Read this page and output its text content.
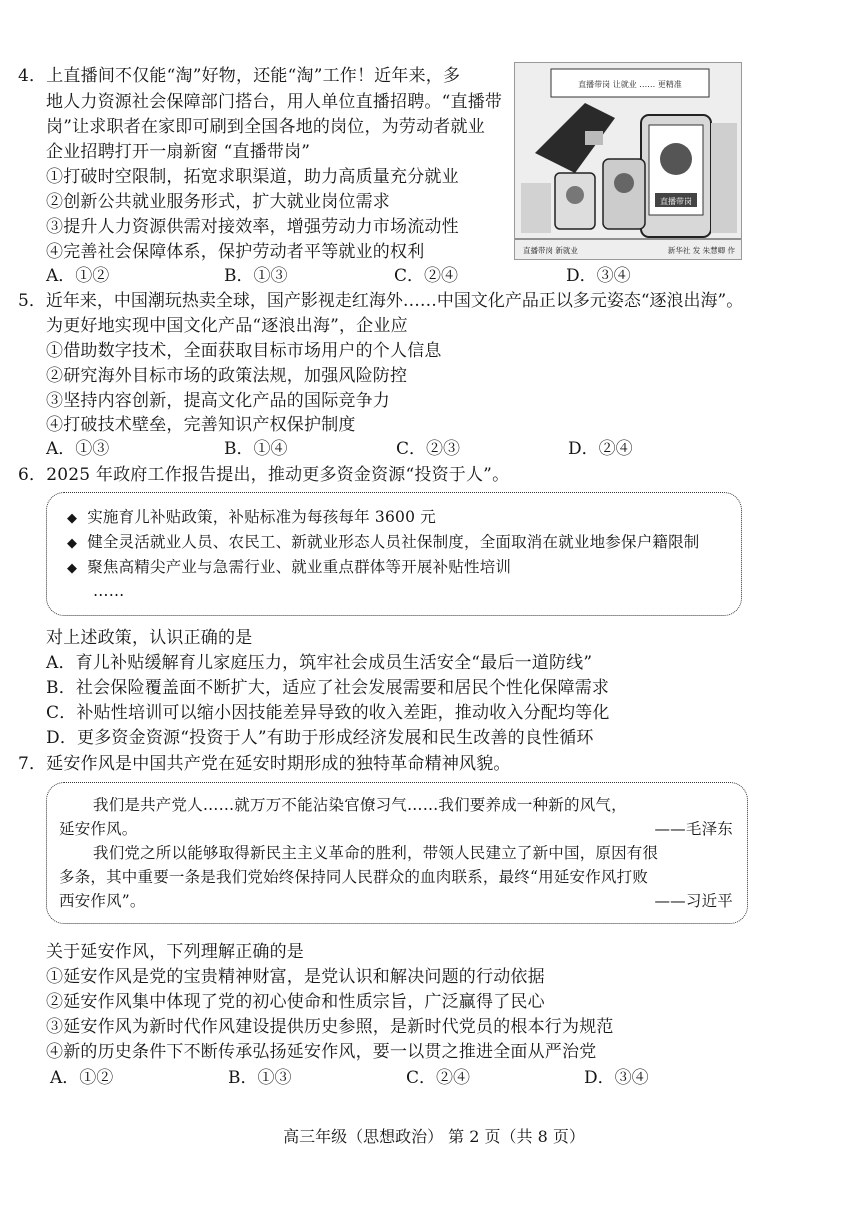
4．上直播间不仅能“淘”好物，还能“淘”工作！近年来，多
地人力资源社会保障部门搭台，用人单位直播招聘。“直播带
岗”让求职者在家即可刷到全国各地的岗位，为劳动者就业
企业招聘打开一扇新窗 “直播带岗”
①打破时空限制，拓宽求职渠道，助力高质量充分就业
②创新公共就业服务形式，扩大就业岗位需求
③提升人力资源供需对接效率，增强劳动力市场流动性
④完善社会保障体系，保护劳动者平等就业的权利
A．①②	B．①③	C．②④	D．③④
直播带岗 让就业 …… 更精准
直播带岗
直播带岗 新就业	新华社 发 朱慧卿 作
5．近年来，中国潮玩热卖全球，国产影视走红海外……中国文化产品正以多元姿态“逐浪出海”。
为更好地实现中国文化产品“逐浪出海”，企业应
①借助数字技术，全面获取目标市场用户的个人信息
②研究海外目标市场的政策法规，加强风险防控
③坚持内容创新，提高文化产品的国际竞争力
④打破技术壁垒，完善知识产权保护制度
A．①③	B．①④	C．②③	D．②④
6．2025 年政府工作报告提出，推动更多资金资源“投资于人”。
◆ 实施育儿补贴政策，补贴标准为每孩每年 3600 元
◆ 健全灵活就业人员、农民工、新就业形态人员社保制度，全面取消在就业地参保户籍限制
◆ 聚焦高精尖产业与急需行业、就业重点群体等开展补贴性培训
……
对上述政策，认识正确的是
A．育儿补贴缓解育儿家庭压力，筑牢社会成员生活安全“最后一道防线”
B．社会保险覆盖面不断扩大，适应了社会发展需要和居民个性化保障需求
C．补贴性培训可以缩小因技能差异导致的收入差距，推动收入分配均等化
D．更多资金资源“投资于人”有助于形成经济发展和民生改善的良性循环
7．延安作风是中国共产党在延安时期形成的独特革命精神风貌。
我们是共产党人……就万万不能沾染官僚习气……我们要养成一种新的风气，
延安作风。	——毛泽东
我们党之所以能够取得新民主主义革命的胜利，带领人民建立了新中国，原因有很
多条，其中重要一条是我们党始终保持同人民群众的血肉联系，最终“用延安作风打败
西安作风”。	——习近平
关于延安作风，下列理解正确的是
①延安作风是党的宝贵精神财富，是党认识和解决问题的行动依据
②延安作风集中体现了党的初心使命和性质宗旨，广泛赢得了民心
③延安作风为新时代作风建设提供历史参照，是新时代党员的根本行为规范
④新的历史条件下不断传承弘扬延安作风，要一以贯之推进全面从严治党
A．①②	B．①③	C．②④	D．③④
高三年级（思想政治） 第 2 页（共 8 页）
